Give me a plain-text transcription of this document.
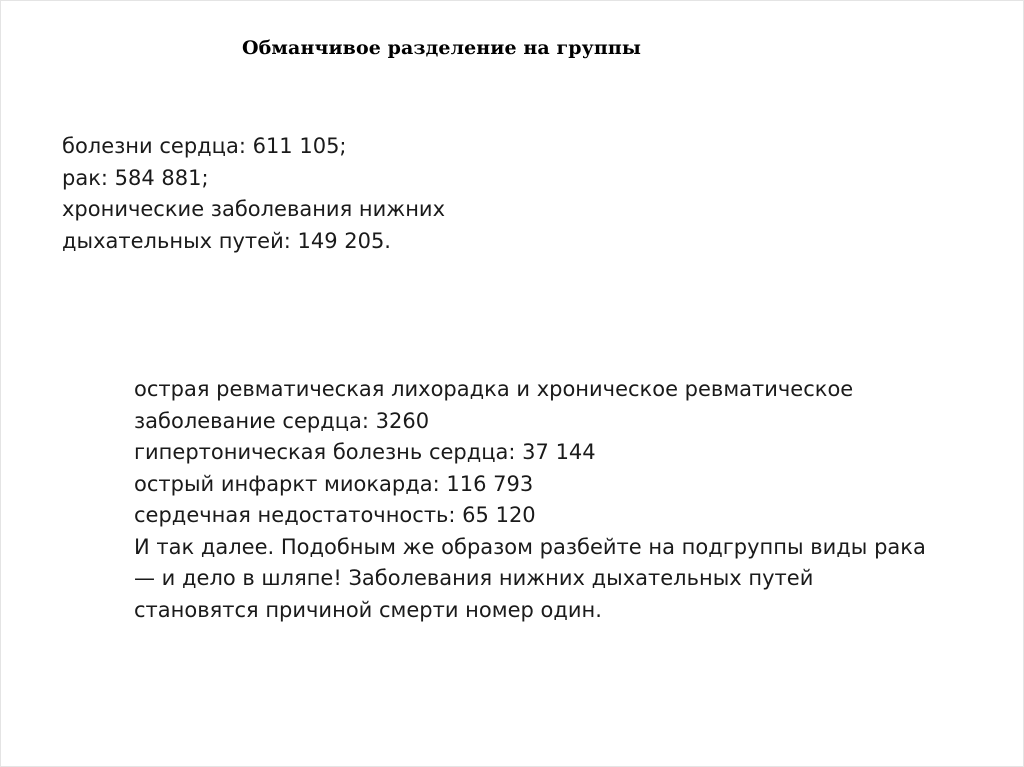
Обманчивое разделение на группы
болезни сердца: 611 105;
рак: 584 881;
хронические заболевания нижних
дыхательных путей: 149 205.
острая ревматическая лихорадка и хроническое ревматическое
заболевание сердца: 3260
гипертоническая болезнь сердца: 37 144
острый инфаркт миокарда: 116 793
сердечная недостаточность: 65 120
И так далее. Подобным же образом разбейте на подгруппы виды рака
— и дело в шляпе! Заболевания нижних дыхательных путей
становятся причиной смерти номер один.
